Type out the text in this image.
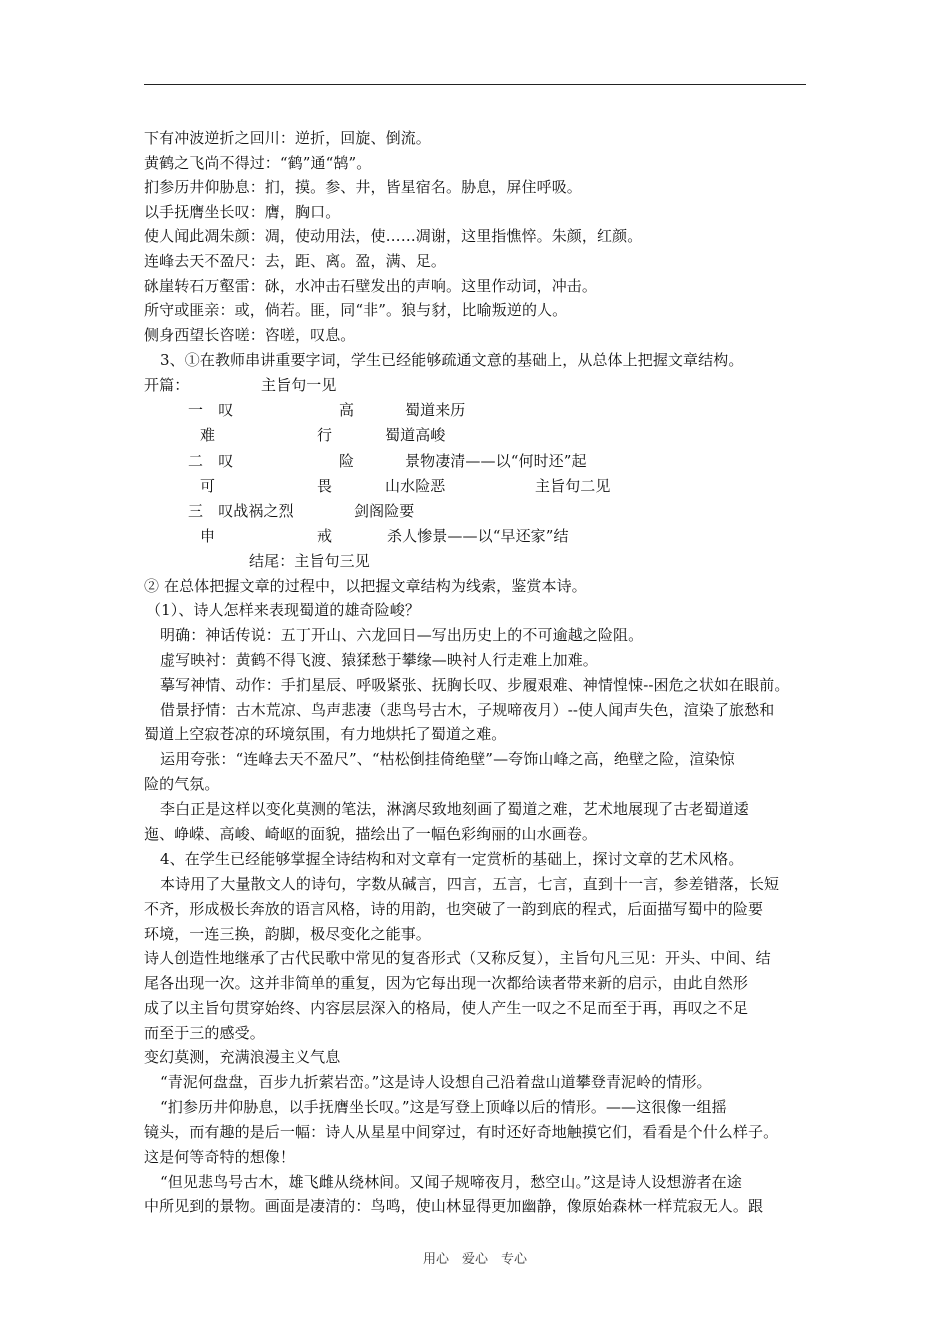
下有冲波逆折之回川：逆折，回旋、倒流。
黄鹤之飞尚不得过：“鹤”通“鹄”。
扪参历井仰胁息：扪，摸。参、井，皆星宿名。胁息，屏住呼吸。
以手抚膺坐长叹：膺，胸口。
使人闻此凋朱颜：凋，使动用法，使……凋谢，这里指憔悴。朱颜，红颜。
连峰去天不盈尺：去，距、离。盈，满、足。
砯崖转石万壑雷：砯，水冲击石壁发出的声响。这里作动词，冲击。
所守或匪亲：或，倘若。匪，同“非”。狼与豺，比喻叛逆的人。
侧身西望长咨嗟：咨嗟，叹息。
3、①在教师串讲重要字词，学生已经能够疏通文意的基础上，从总体上把握文章结构。
开篇：	主旨句一见
一　叹	高	蜀道来历
难	行	蜀道高峻
二　叹	险	景物凄清——以“何时还”起
可	畏	山水险恶	主旨句二见
三　叹战祸之烈	剑阁险要
申	戒	杀人惨景——以“早还家”结
结尾：主旨句三见
② 在总体把握文章的过程中，以把握文章结构为线索，鉴赏本诗。
（1）、诗人怎样来表现蜀道的雄奇险峻？
明确：神话传说：五丁开山、六龙回日—写出历史上的不可逾越之险阻。
虚写映衬：黄鹤不得飞渡、猿猱愁于攀缘—映衬人行走难上加难。
摹写神情、动作：手扪星辰、呼吸紧张、抚胸长叹、步履艰难、神情惶悚--困危之状如在眼前。
借景抒情：古木荒凉、鸟声悲凄（悲鸟号古木，子规啼夜月）--使人闻声失色，渲染了旅愁和
蜀道上空寂苍凉的环境氛围，有力地烘托了蜀道之难。
运用夸张：“连峰去天不盈尺”、“枯松倒挂倚绝壁”—夸饰山峰之高，绝壁之险，渲染惊
险的气氛。
李白正是这样以变化莫测的笔法，淋漓尽致地刻画了蜀道之难，艺术地展现了古老蜀道逶
迤、峥嵘、高峻、崎岖的面貌，描绘出了一幅色彩绚丽的山水画卷。
4、在学生已经能够掌握全诗结构和对文章有一定赏析的基础上，探讨文章的艺术风格。
本诗用了大量散文人的诗句，字数从碱言，四言，五言，七言，直到十一言，参差错落，长短
不齐，形成极长奔放的语言风格，诗的用韵，也突破了一韵到底的程式，后面描写蜀中的险要
环境，一连三换，韵脚，极尽变化之能事。
诗人创造性地继承了古代民歌中常见的复沓形式（又称反复），主旨句凡三见：开头、中间、结
尾各出现一次。这并非简单的重复，因为它每出现一次都给读者带来新的启示，由此自然形
成了以主旨句贯穿始终、内容层层深入的格局，使人产生一叹之不足而至于再，再叹之不足
而至于三的感受。
变幻莫测，充满浪漫主义气息
“青泥何盘盘，百步九折萦岩峦。”这是诗人设想自己沿着盘山道攀登青泥岭的情形。
“扪参历井仰胁息，以手抚膺坐长叹。”这是写登上顶峰以后的情形。——这很像一组摇
镜头，而有趣的是后一幅：诗人从星星中间穿过，有时还好奇地触摸它们，看看是个什么样子。
这是何等奇特的想像！
“但见悲鸟号古木，雄飞雌从绕林间。又闻子规啼夜月，愁空山。”这是诗人设想游者在途
中所见到的景物。画面是凄清的：鸟鸣，使山林显得更加幽静，像原始森林一样荒寂无人。跟
用心　爱心　专心
